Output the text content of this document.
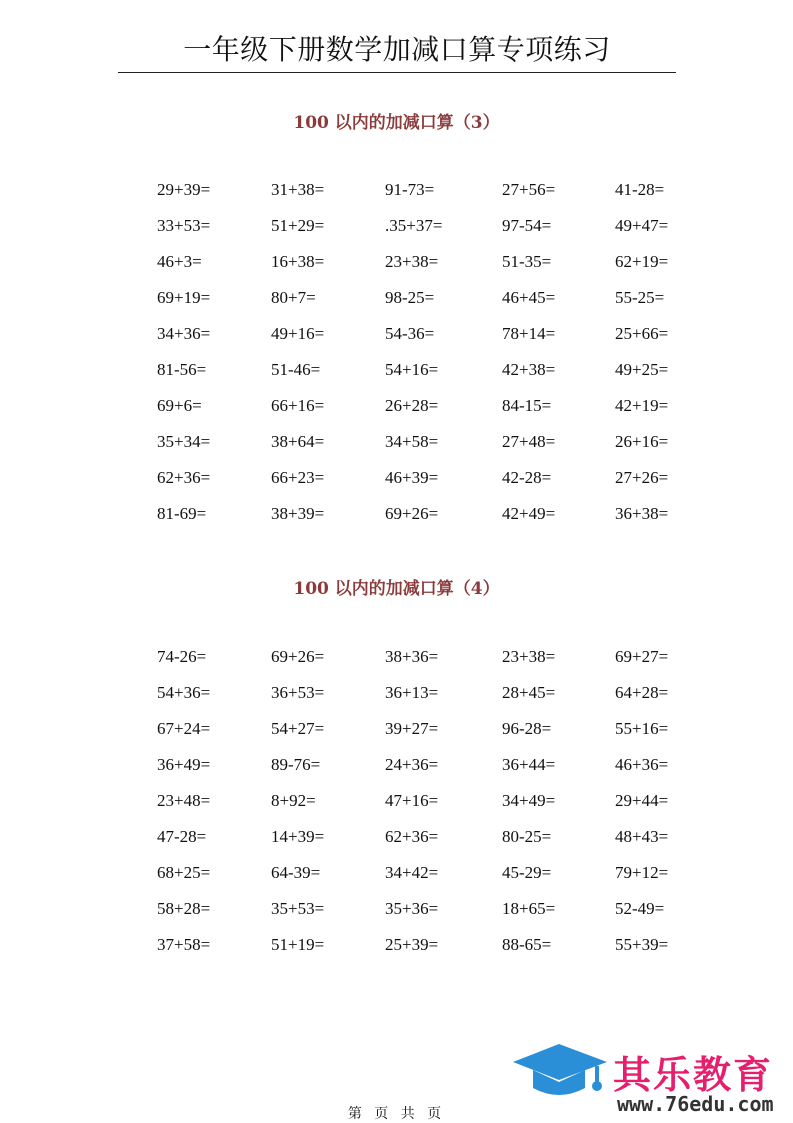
一年级下册数学加减口算专项练习
100 以内的加减口算（3）
29+39=	31+38=	91-73=	27+56=	41-28=
33+53=	51+29=	.35+37=	97-54=	49+47=
46+3=	16+38=	23+38=	51-35=	62+19=
69+19=	80+7=	98-25=	46+45=	55-25=
34+36=	49+16=	54-36=	78+14=	25+66=
81-56=	51-46=	54+16=	42+38=	49+25=
69+6=	66+16=	26+28=	84-15=	42+19=
35+34=	38+64=	34+58=	27+48=	26+16=
62+36=	66+23=	46+39=	42-28=	27+26=
81-69=	38+39=	69+26=	42+49=	36+38=
100 以内的加减口算（4）
74-26=	69+26=	38+36=	23+38=	69+27=
54+36=	36+53=	36+13=	28+45=	64+28=
67+24=	54+27=	39+27=	96-28=	55+16=
36+49=	89-76=	24+36=	36+44=	46+36=
23+48=	8+92=	47+16=	34+49=	29+44=
47-28=	14+39=	62+36=	80-25=	48+43=
68+25=	64-39=	34+42=	45-29=	79+12=
58+28=	35+53=	35+36=	18+65=	52-49=
37+58=	51+19=	25+39=	88-65=	55+39=
第 页 共 页
其乐教育
www.76edu.com
